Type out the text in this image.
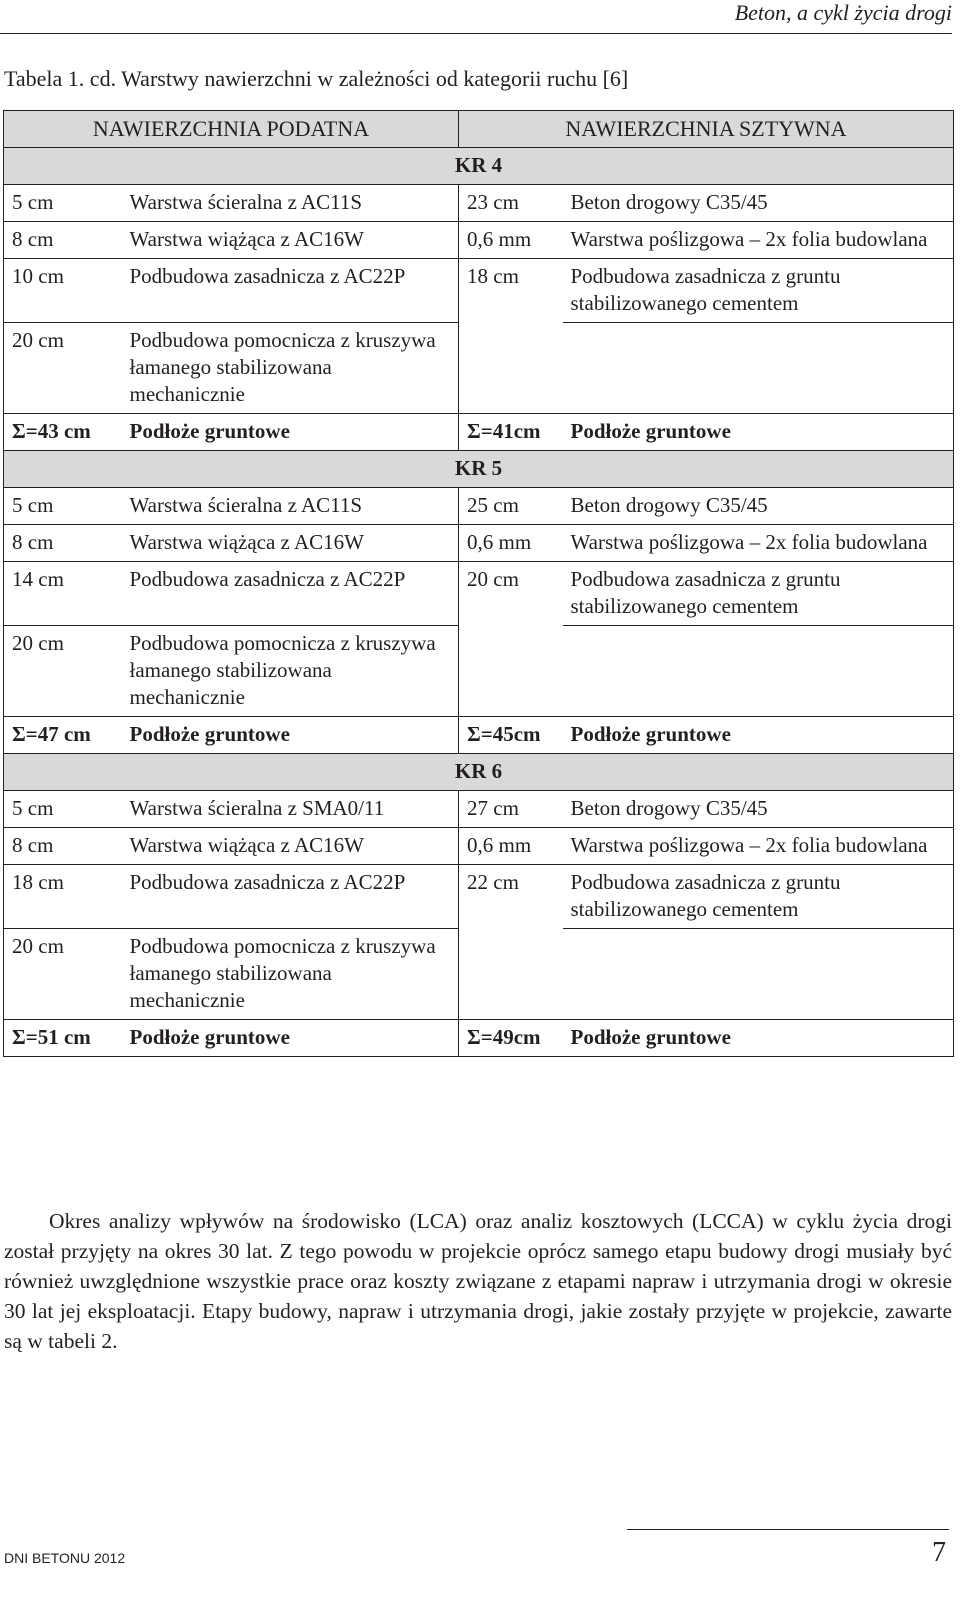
Beton, a cykl życia drogi
Tabela 1. cd. Warstwy nawierzchni w zależności od kategorii ruchu [6]
NAWIERZCHNIA PODATNA		NAWIERZCHNIA SZTYWNA	
KR 4			
5 cm	Warstwa ścieralna z AC11S	23 cm	Beton drogowy C35/45
8 cm	Warstwa wiążąca z AC16W	0,6 mm	Warstwa poślizgowa – 2x folia budowlana
10 cm	Podbudowa zasadnicza z AC22P	18 cm	Podbudowa zasadnicza z gruntu stabilizowanego cementem
20 cm	Podbudowa pomocnicza z kruszywa łamanego stabilizowana mechanicznie		
Σ=43 cm	Podłoże gruntowe	Σ=41cm	Podłoże gruntowe
KR 5			
5 cm	Warstwa ścieralna z AC11S	25 cm	Beton drogowy C35/45
8 cm	Warstwa wiążąca z AC16W	0,6 mm	Warstwa poślizgowa – 2x folia budowlana
14 cm	Podbudowa zasadnicza z AC22P	20 cm	Podbudowa zasadnicza z gruntu stabilizowanego cementem
20 cm	Podbudowa pomocnicza z kruszywa łamanego stabilizowana mechanicznie		
Σ=47 cm	Podłoże gruntowe	Σ=45cm	Podłoże gruntowe
KR 6			
5 cm	Warstwa ścieralna z SMA0/11	27 cm	Beton drogowy C35/45
8 cm	Warstwa wiążąca z AC16W	0,6 mm	Warstwa poślizgowa – 2x folia budowlana
18 cm	Podbudowa zasadnicza z AC22P	22 cm	Podbudowa zasadnicza z gruntu stabilizowanego cementem
20 cm	Podbudowa pomocnicza z kruszywa łamanego stabilizowana mechanicznie		
Σ=51 cm	Podłoże gruntowe	Σ=49cm	Podłoże gruntowe

Okres analizy wpływów na środowisko (LCA) oraz analiz kosztowych (LCCA) w cyklu życia drogi został przyjęty na okres 30 lat. Z tego powodu w projekcie oprócz samego etapu budowy drogi musiały być również uwzględnione wszystkie prace oraz koszty związane z etapami napraw i utrzymania drogi w okresie 30 lat jej eksploatacji. Etapy budowy, napraw i utrzymania drogi, jakie zostały przyjęte w projekcie, zawarte są w tabeli 2.

DNI BETONU 2012	7
